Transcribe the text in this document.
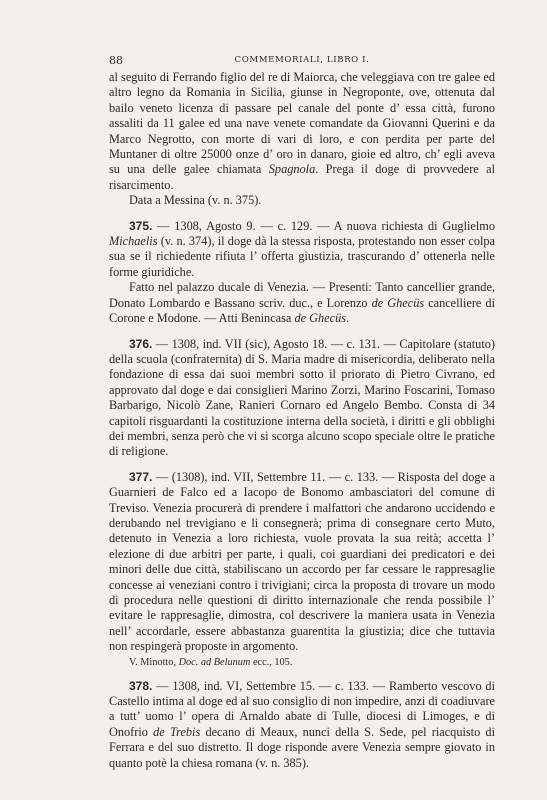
88	COMMEMORIALI, LIBRO I.

al seguito di Ferrando figlio del re di Maiorca, che veleggiava con tre galee ed altro legno da Romania in Sicilia, giunse in Negroponte, ove, ottenuta dal bailo veneto licenza di passare pel canale del ponte d’ essa città, furono assaliti da 11 galee ed una nave venete comandate da Giovanni Querini e da Marco Negrotto, con morte di vari di loro, e con perdita per parte del Muntaner di oltre 25000 onze d’ oro in danaro, gioie ed altro, ch’ egli aveva su una delle galee chiamata Spagnola. Prega il doge di provvedere al risarcimento.

Data a Messina (v. n. 375).

375. — 1308, Agosto 9. — c. 129. — A nuova richiesta di Guglielmo Michaelis (v. n. 374), il doge dà la stessa risposta, protestando non esser colpa sua se il richiedente rifiuta l’ offerta giustizia, trascurando d’ ottenerla nelle forme giuridiche.

Fatto nel palazzo ducale di Venezia. — Presenti: Tanto cancellier grande, Donato Lombardo e Bassano scriv. duc., e Lorenzo de Ghecüs cancelliere di Corone e Modone. — Atti Benincasa de Ghecüs.

376. — 1308, ind. VII (sic), Agosto 18. — c. 131. — Capitolare (statuto) della scuola (confraternita) di S. Maria madre di misericordia, deliberato nella fondazione di essa dai suoi membri sotto il priorato di Pietro Civrano, ed approvato dal doge e dai consiglieri Marino Zorzi, Marino Foscarini, Tomaso Barbarigo, Nicolò Zane, Ranieri Cornaro ed Angelo Bembo. Consta di 34 capitoli risguardanti la costituzione interna della società, i diritti e gli obblighi dei membri, senza però che vi si scorga alcuno scopo speciale oltre le pratiche di religione.

377. — (1308), ind. VII, Settembre 11. — c. 133. — Risposta del doge a Guarnieri de Falco ed a Iacopo de Bonomo ambasciatori del comune di Treviso. Venezia procurerà di prendere i malfattori che andarono uccidendo e derubando nel trevigiano e li consegnerà; prima di consegnare certo Muto, detenuto in Venezia a loro richiesta, vuole provata la sua reità; accetta l’ elezione di due arbitri per parte, i quali, coi guardiani dei predicatori e dei minori delle due città, stabiliscano un accordo per far cessare le rappresaglie concesse ai veneziani contro i trivigiani; circa la proposta di trovare un modo di procedura nelle questioni di diritto internazionale che renda possibile l’ evitare le rappresaglie, dimostra, col descrivere la maniera usata in Venezia nell’ accordarle, essere abbastanza guarentita la giustizia; dice che tuttavia non respingerà proposte in argomento.

V. Minotto, Doc. ad Belunum ecc., 105.

378. — 1308, ind. VI, Settembre 15. — c. 133. — Ramberto vescovo di Castello intima al doge ed al suo consiglio di non impedire, anzi di coadiuvare a tutt’ uomo l’ opera di Arnaldo abate di Tulle, diocesi di Limoges, e di Onofrio de Trebis decano di Meaux, nunci della S. Sede, pel riacquisto di Ferrara e del suo distretto. Il doge risponde avere Venezia sempre giovato in quanto potè la chiesa romana (v. n. 385).
